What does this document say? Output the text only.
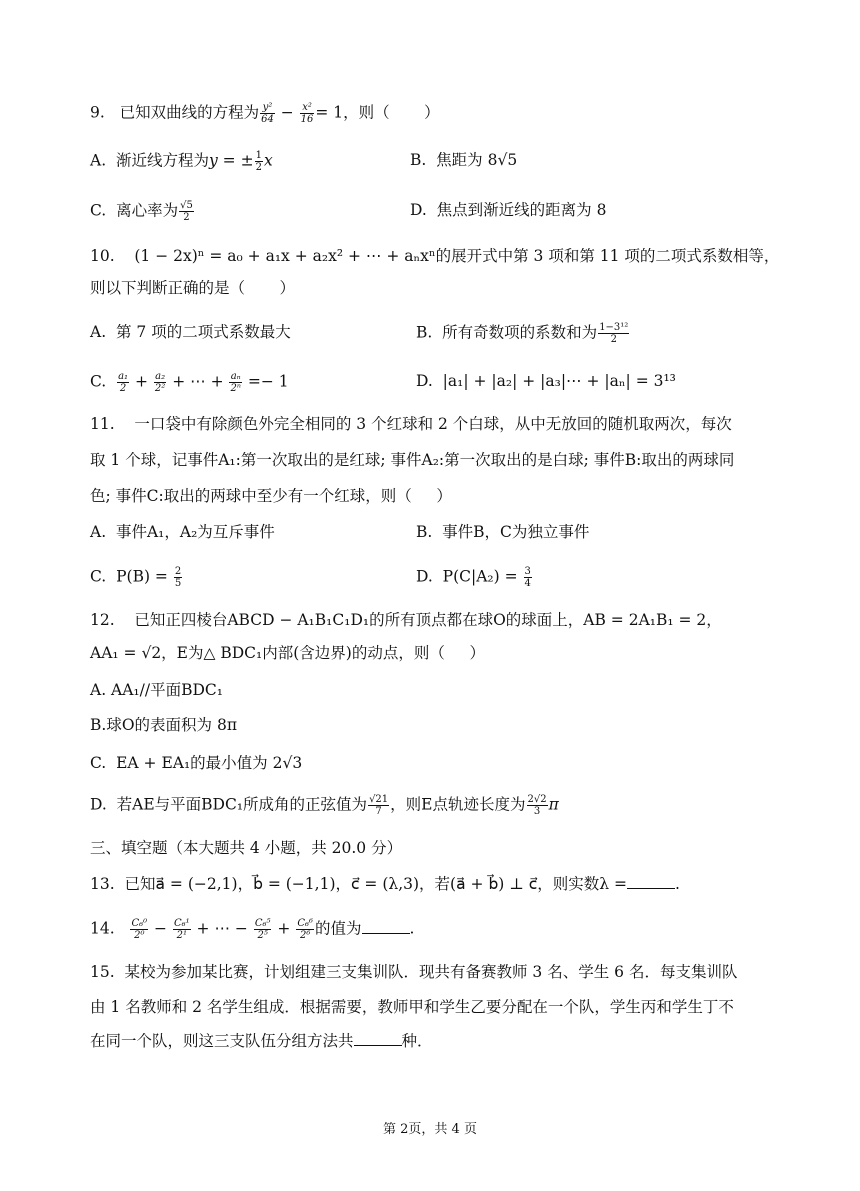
9.   已知双曲线的方程为 $\frac{\text{y²}}{64} - \frac{\text{x²}}{16} = 1$，则（       ）
A.  渐近线方程为y = ± $\frac{1}{2}$ x	B.  焦距为 8√5
C.  离心率为 $\frac{√5}{2}$	D.  焦点到渐近线的距离为 8
10.    (1 − 2x)ⁿ = a₀ + a₁x + a₂x² + ⋯ + aₙxⁿ的展开式中第 3 项和第 11 项的二项式系数相等，
则以下判断正确的是（       ）
A.  第 7 项的二项式系数最大	B.  所有奇数项的系数和为 $\frac{\text{1−3¹²}}{2}$
C. $\frac{\text{a₁}}{2} + \frac{\text{a₂}}{\text{2²}}$ + ⋯ + $\frac{\text{aₙ}}{\text{2ⁿ}} =- 1$	D.  |a₁| + |a₂| + |a₃|⋯ + |aₙ| = 3¹³
11.    一口袋中有除颜色外完全相同的 3 个红球和 2 个白球，从中无放回的随机取两次，每次
取 1 个球，记事件A₁:第一次取出的是红球; 事件A₂:第一次取出的是白球; 事件B:取出的两球同
色; 事件C:取出的两球中至少有一个红球，则（     ）
A.  事件A₁，A₂为互斥事件	B.  事件B，C为独立事件
C.  $P(B) = \frac{2}{5}$	D.  $P(C|A_2) = \frac{3}{4}$
12.    已知正四棱台ABCD − A₁B₁C₁D₁的所有顶点都在球O的球面上，AB = 2A₁B₁ = 2，
AA₁ = √2，E为△ BDC₁内部(含边界)的动点，则（     ）
A. AA₁//平面BDC₁
B.球O的表面积为 8π
C.  EA + EA₁的最小值为 2√3
D.  若AE与平面BDC₁所成角的正弦值为 $\frac{√21}{7}$ ，则E点轨迹长度为 $\frac{2√2}{3}$ π
三、填空题（本大题共 4 小题，共 20.0 分）
13.  已知a⃗ = (−2,1)，b⃗ = (−1,1)，c⃗ = (λ,3)，若(a⃗ + b⃗) ⊥ c⃗，则实数λ =	.
14. $\frac{\text{C₆⁰}}{\text{2⁰}} - \frac{\text{C₆¹}}{\text{2¹}}$ + ⋯ − $\frac{\text{C₆⁵}}{\text{2⁵}} + \frac{\text{C₆⁶}}{\text{2⁶}}$ 的值为	.
15.  某校为参加某比赛，计划组建三支集训队．现共有备赛教师 3 名、学生 6 名．每支集训队
由 1 名教师和 2 名学生组成．根据需要，教师甲和学生乙要分配在一个队，学生丙和学生丁不
在同一个队，则这三支队伍分组方法共	种．
第 2页，共 4 页
